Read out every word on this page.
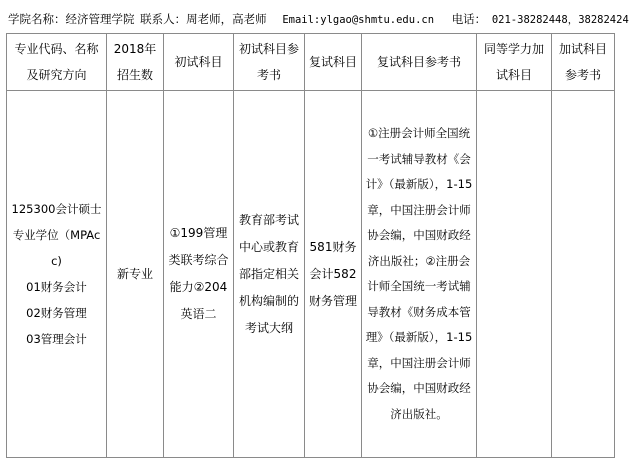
学院名称：经济管理学院 联系人：周老师，高老师 Email:ylgao@shmtu.edu.cn 电话： 021-38282448，38282424
专业代码、名称及研究方向	2018年招生数	初试科目	初试科目参考书	复试科目	复试科目参考书	同等学力加试科目	加试科目参考书

125300会计硕士专业学位（MPAcc)
01财务会计
02财务管理
03管理会计	新专业	①199管理类联考综合能力②204英语二	教育部考试中心或教育部指定相关机构编制的考试大纲	581财务会计582财务管理	①注册会计师全国统一考试辅导教材《会计》（最新版），1-15章，中国注册会计师协会编，中国财政经济出版社；②注册会计师全国统一考试辅导教材《财务成本管理》（最新版），1-15章，中国注册会计师协会编，中国财政经济出版社。		
